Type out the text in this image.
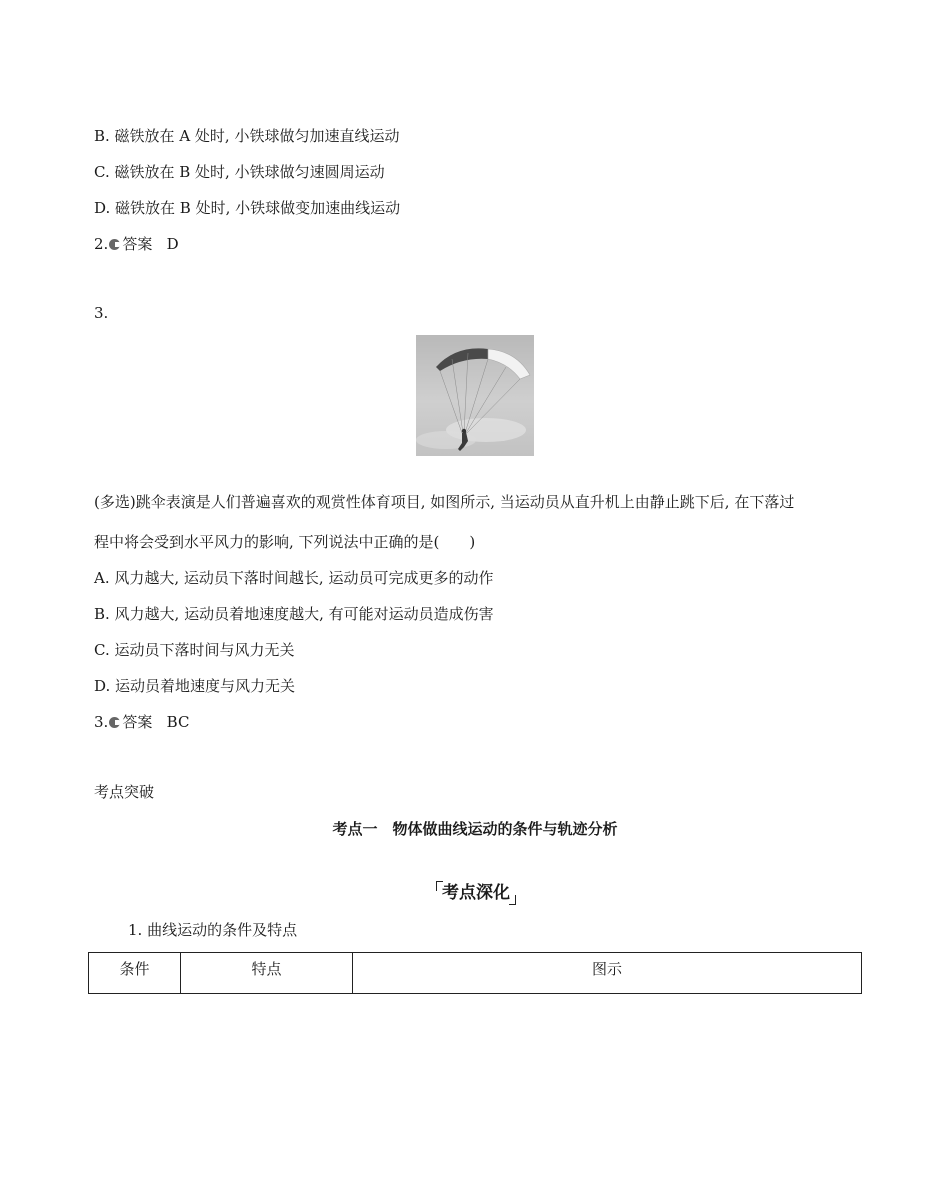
B. 磁铁放在 A 处时, 小铁球做匀加速直线运动
C. 磁铁放在 B 处时, 小铁球做匀速圆周运动
D. 磁铁放在 B 处时, 小铁球做变加速曲线运动
2. 答案 D
3.
(多选)跳伞表演是人们普遍喜欢的观赏性体育项目, 如图所示, 当运动员从直升机上由静止跳下后, 在下落过
程中将会受到水平风力的影响, 下列说法中正确的是(　　)
A. 风力越大, 运动员下落时间越长, 运动员可完成更多的动作
B. 风力越大, 运动员着地速度越大, 有可能对运动员造成伤害
C. 运动员下落时间与风力无关
D. 运动员着地速度与风力无关
3. 答案 BC
考点突破
考点一　物体做曲线运动的条件与轨迹分析
考点深化
1. 曲线运动的条件及特点
条件	特点	图示
